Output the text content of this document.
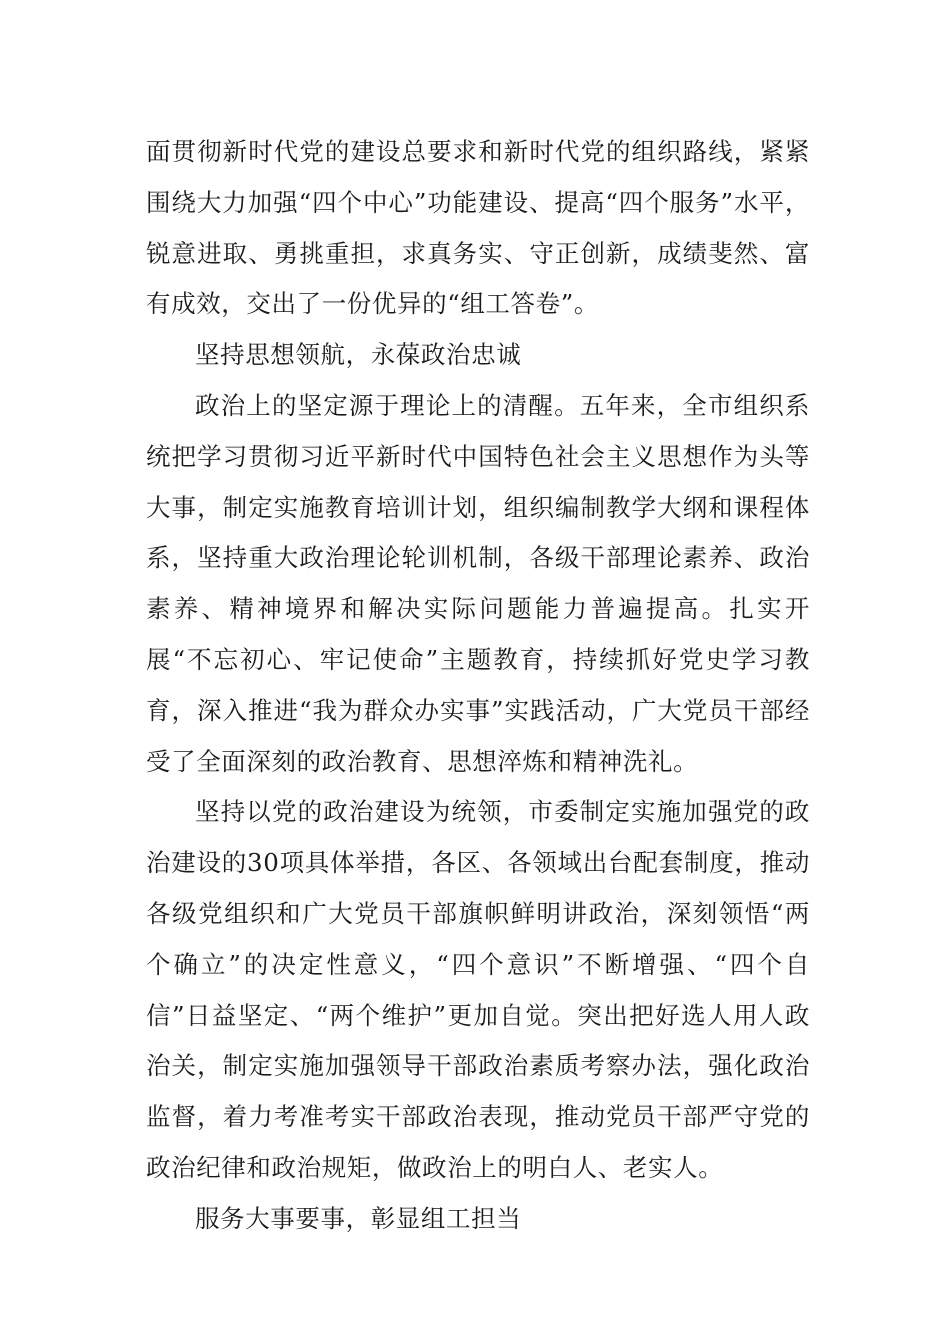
面贯彻新时代党的建设总要求和新时代党的组织路线，紧紧围绕大力加强“四个中心”功能建设、提高“四个服务”水平，锐意进取、勇挑重担，求真务实、守正创新，成绩斐然、富有成效，交出了一份优异的“组工答卷”。

坚持思想领航，永葆政治忠诚

政治上的坚定源于理论上的清醒。五年来，全市组织系统把学习贯彻习近平新时代中国特色社会主义思想作为头等大事，制定实施教育培训计划，组织编制教学大纲和课程体系，坚持重大政治理论轮训机制，各级干部理论素养、政治素养、精神境界和解决实际问题能力普遍提高。扎实开展“不忘初心、牢记使命”主题教育，持续抓好党史学习教育，深入推进“我为群众办实事”实践活动，广大党员干部经受了全面深刻的政治教育、思想淬炼和精神洗礼。

坚持以党的政治建设为统领，市委制定实施加强党的政治建设的30项具体举措，各区、各领域出台配套制度，推动各级党组织和广大党员干部旗帜鲜明讲政治，深刻领悟“两个确立”的决定性意义，“四个意识”不断增强、“四个自信”日益坚定、“两个维护”更加自觉。突出把好选人用人政治关，制定实施加强领导干部政治素质考察办法，强化政治监督，着力考准考实干部政治表现，推动党员干部严守党的政治纪律和政治规矩，做政治上的明白人、老实人。

服务大事要事，彰显组工担当
